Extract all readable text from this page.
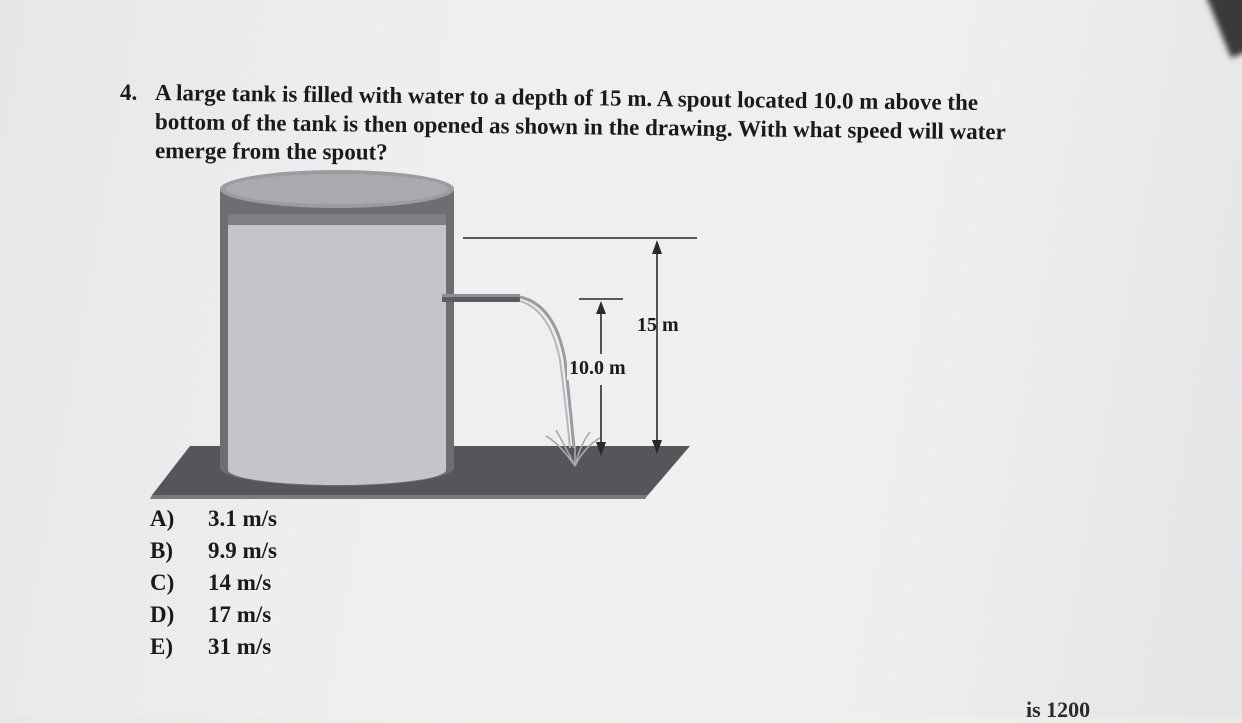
4. A large tank is filled with water to a depth of 15 m. A spout located 10.0 m above the
bottom of the tank is then opened as shown in the drawing. With what speed will water
emerge from the spout?
15 m
10.0 m
A) 3.1 m/s
B) 9.9 m/s
C) 14 m/s
D) 17 m/s
E) 31 m/s
is 1200
